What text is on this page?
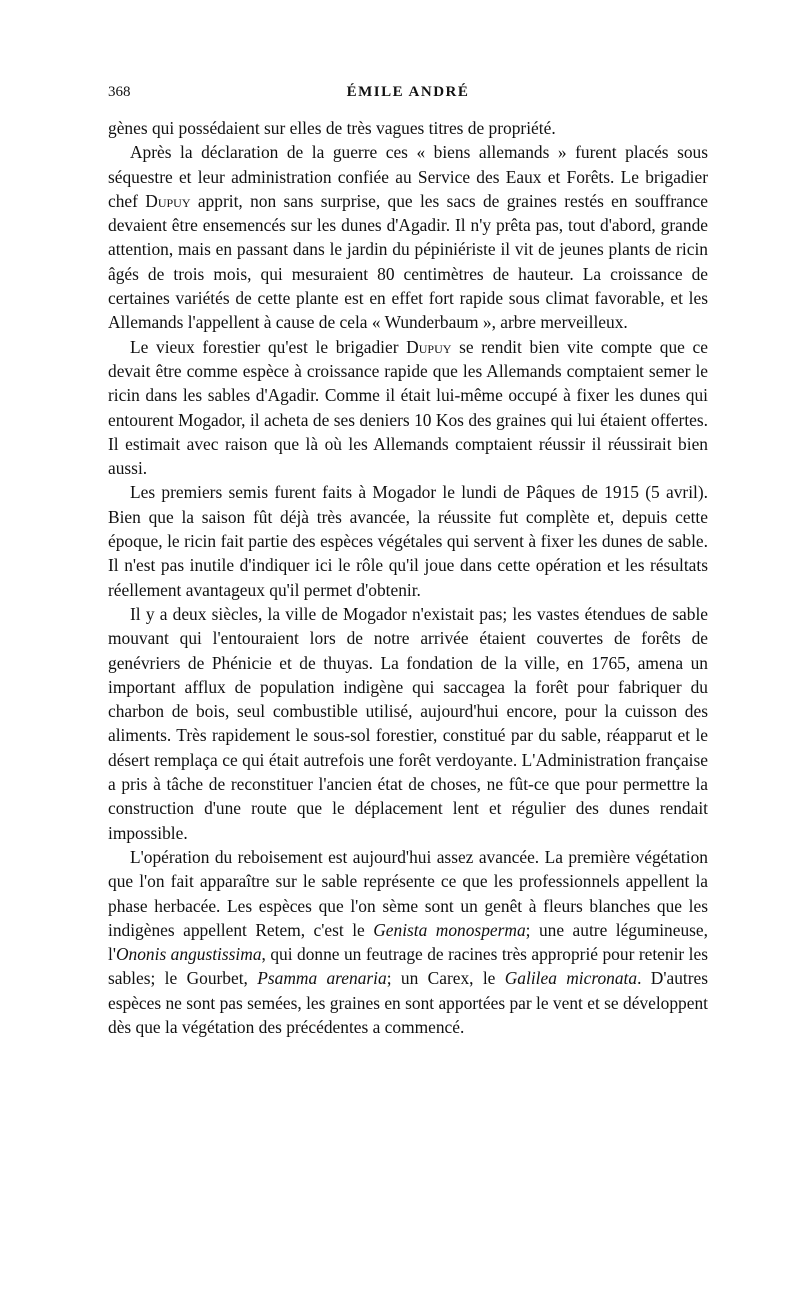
368	ÉMILE ANDRÉ

gènes qui possédaient sur elles de très vagues titres de propriété.

Après la déclaration de la guerre ces « biens allemands » furent placés sous séquestre et leur administration confiée au Service des Eaux et Forêts. Le brigadier chef Dupuy apprit, non sans surprise, que les sacs de graines restés en souffrance devaient être ensemencés sur les dunes d'Agadir. Il n'y prêta pas, tout d'abord, grande attention, mais en passant dans le jardin du pépiniériste il vit de jeunes plants de ricin âgés de trois mois, qui mesuraient 80 centimètres de hauteur. La croissance de certaines variétés de cette plante est en effet fort rapide sous climat favorable, et les Allemands l'appellent à cause de cela « Wunderbaum », arbre merveilleux.

Le vieux forestier qu'est le brigadier Dupuy se rendit bien vite compte que ce devait être comme espèce à croissance rapide que les Allemands comptaient semer le ricin dans les sables d'Agadir. Comme il était lui-même occupé à fixer les dunes qui entourent Mogador, il acheta de ses deniers 10 Kos des graines qui lui étaient offertes. Il estimait avec raison que là où les Allemands comptaient réussir il réussirait bien aussi.

Les premiers semis furent faits à Mogador le lundi de Pâques de 1915 (5 avril). Bien que la saison fût déjà très avancée, la réussite fut complète et, depuis cette époque, le ricin fait partie des espèces végétales qui servent à fixer les dunes de sable. Il n'est pas inutile d'indiquer ici le rôle qu'il joue dans cette opération et les résultats réellement avantageux qu'il permet d'obtenir.

Il y a deux siècles, la ville de Mogador n'existait pas; les vastes étendues de sable mouvant qui l'entouraient lors de notre arrivée étaient couvertes de forêts de genévriers de Phénicie et de thuyas. La fondation de la ville, en 1765, amena un important afflux de population indigène qui saccagea la forêt pour fabriquer du charbon de bois, seul combustible utilisé, aujourd'hui encore, pour la cuisson des aliments. Très rapidement le sous-sol forestier, constitué par du sable, réapparut et le désert remplaça ce qui était autrefois une forêt verdoyante. L'Administration française a pris à tâche de reconstituer l'ancien état de choses, ne fût-ce que pour permettre la construction d'une route que le déplacement lent et régulier des dunes rendait impossible.

L'opération du reboisement est aujourd'hui assez avancée. La première végétation que l'on fait apparaître sur le sable représente ce que les professionnels appellent la phase herbacée. Les espèces que l'on sème sont un genêt à fleurs blanches que les indigènes appellent Retem, c'est le Genista monosperma; une autre légumineuse, l'Ononis angustissima, qui donne un feutrage de racines très approprié pour retenir les sables; le Gourbet, Psamma arenaria; un Carex, le Galilea micronata. D'autres espèces ne sont pas semées, les graines en sont apportées par le vent et se développent dès que la végétation des précédentes a commencé.
